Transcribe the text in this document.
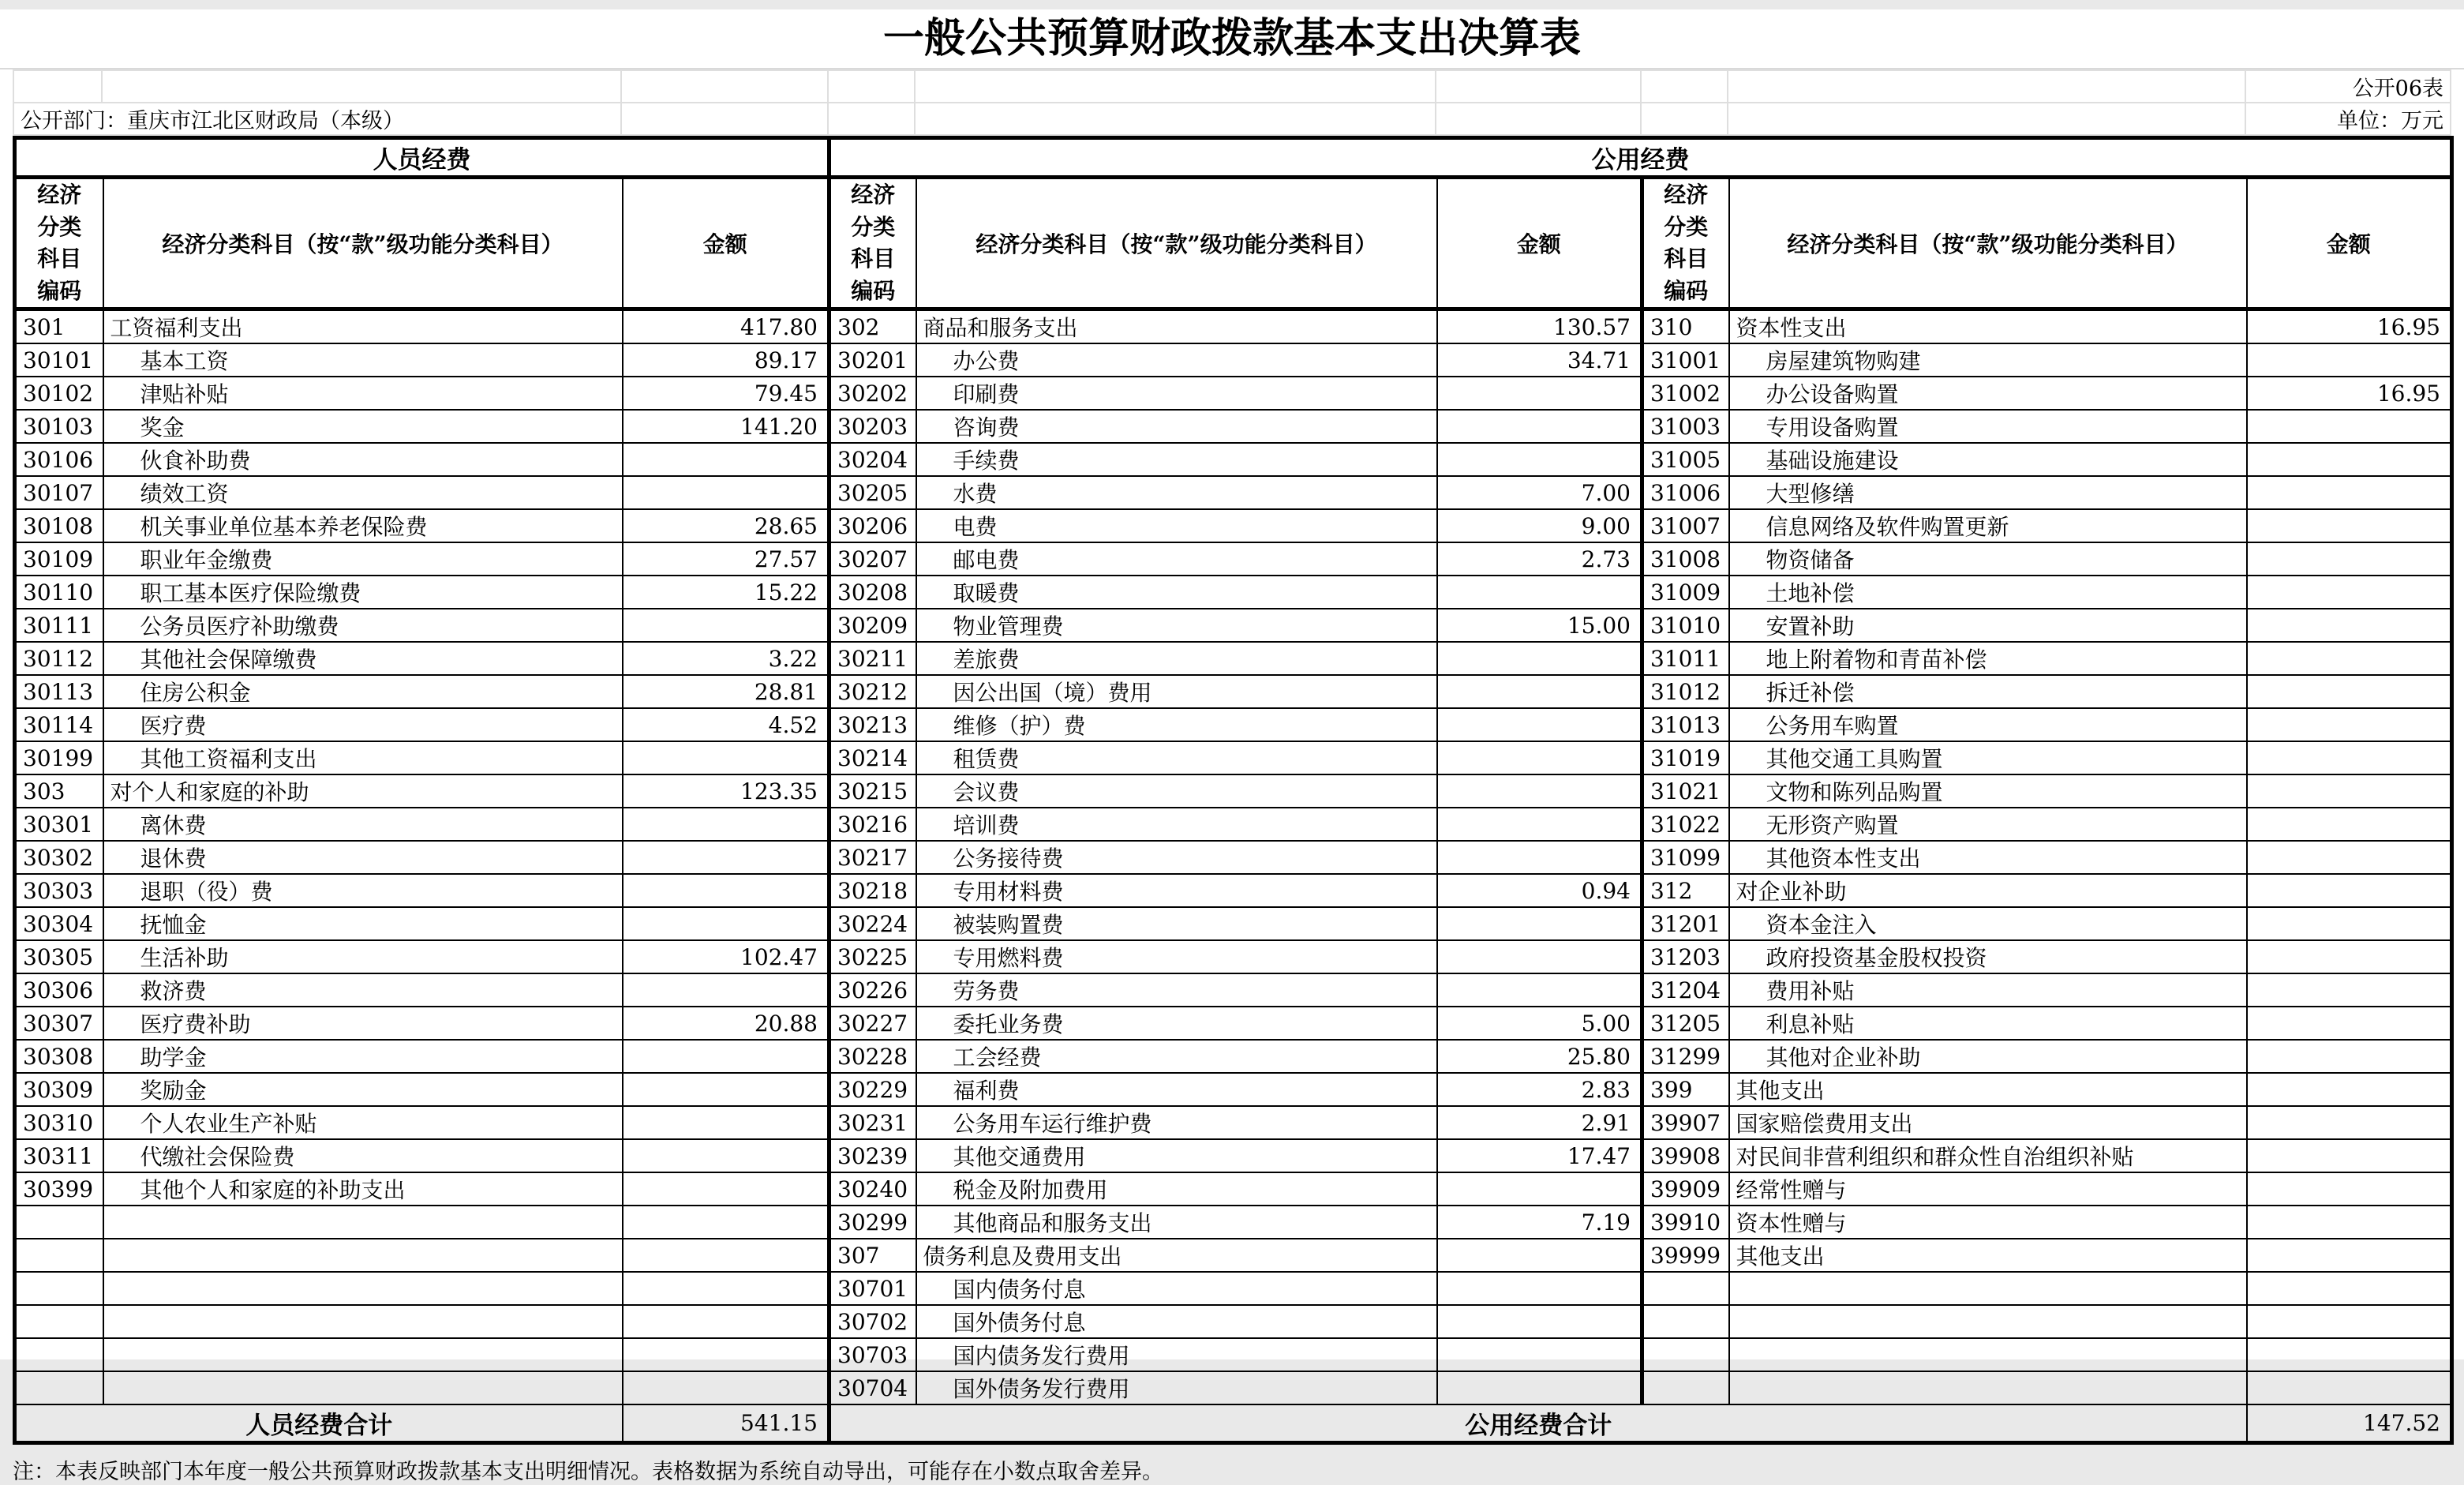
一般公共预算财政拨款基本支出决算表
								公开06表
公开部门：重庆市江北区财政局（本级）								单位：万元
人员经费			公用经费					
经济分类科目编码	经济分类科目（按“款”级功能分类科目）	金额	经济分类科目编码	经济分类科目（按“款”级功能分类科目）	金额	经济分类科目编码	经济分类科目（按“款”级功能分类科目）	金额
301	工资福利支出	417.80	302	商品和服务支出	130.57	310	资本性支出	16.95
30101	基本工资	89.17	30201	办公费	34.71	31001	房屋建筑物购建	
30102	津贴补贴	79.45	30202	印刷费		31002	办公设备购置	16.95
30103	奖金	141.20	30203	咨询费		31003	专用设备购置	
30106	伙食补助费		30204	手续费		31005	基础设施建设	
30107	绩效工资		30205	水费	7.00	31006	大型修缮	
30108	机关事业单位基本养老保险费	28.65	30206	电费	9.00	31007	信息网络及软件购置更新	
30109	职业年金缴费	27.57	30207	邮电费	2.73	31008	物资储备	
30110	职工基本医疗保险缴费	15.22	30208	取暖费		31009	土地补偿	
30111	公务员医疗补助缴费		30209	物业管理费	15.00	31010	安置补助	
30112	其他社会保障缴费	3.22	30211	差旅费		31011	地上附着物和青苗补偿	
30113	住房公积金	28.81	30212	因公出国（境）费用		31012	拆迁补偿	
30114	医疗费	4.52	30213	维修（护）费		31013	公务用车购置	
30199	其他工资福利支出		30214	租赁费		31019	其他交通工具购置	
303	对个人和家庭的补助	123.35	30215	会议费		31021	文物和陈列品购置	
30301	离休费		30216	培训费		31022	无形资产购置	
30302	退休费		30217	公务接待费		31099	其他资本性支出	
30303	退职（役）费		30218	专用材料费	0.94	312	对企业补助	
30304	抚恤金		30224	被装购置费		31201	资本金注入	
30305	生活补助	102.47	30225	专用燃料费		31203	政府投资基金股权投资	
30306	救济费		30226	劳务费		31204	费用补贴	
30307	医疗费补助	20.88	30227	委托业务费	5.00	31205	利息补贴	
30308	助学金		30228	工会经费	25.80	31299	其他对企业补助	
30309	奖励金		30229	福利费	2.83	399	其他支出	
30310	个人农业生产补贴		30231	公务用车运行维护费	2.91	39907	国家赔偿费用支出	
30311	代缴社会保险费		30239	其他交通费用	17.47	39908	对民间非营利组织和群众性自治组织补贴	
30399	其他个人和家庭的补助支出		30240	税金及附加费用		39909	经常性赠与	
			30299	其他商品和服务支出	7.19	39910	资本性赠与	
			307	债务利息及费用支出		39999	其他支出	
			30701	国内债务付息				
			30702	国外债务付息				
			30703	国内债务发行费用				
			30704	国外债务发行费用				
人员经费合计		541.15	公用经费合计					147.52
注：本表反映部门本年度一般公共预算财政拨款基本支出明细情况。表格数据为系统自动导出，可能存在小数点取舍差异。
